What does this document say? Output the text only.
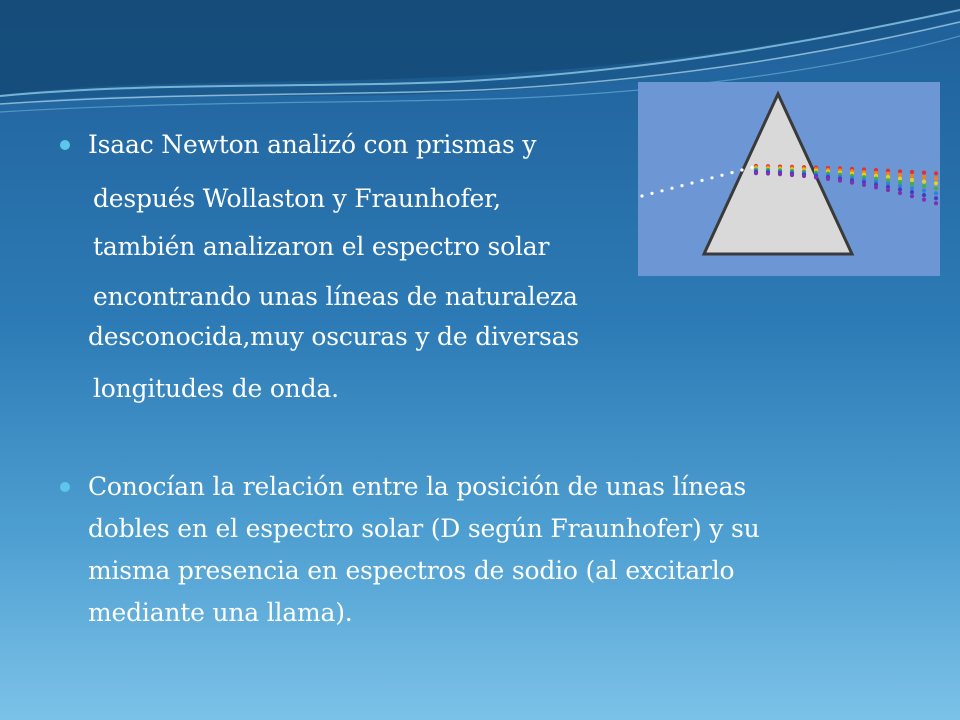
Isaac Newton analizó con prismas y
después Wollaston y Fraunhofer,
también analizaron el espectro solar
encontrando unas líneas de naturaleza
desconocida,muy oscuras y de diversas
longitudes de onda.
Conocían la relación entre la posición de unas líneas
dobles en el espectro solar (D según Fraunhofer) y su
misma presencia en espectros de sodio (al excitarlo
mediante una llama).
